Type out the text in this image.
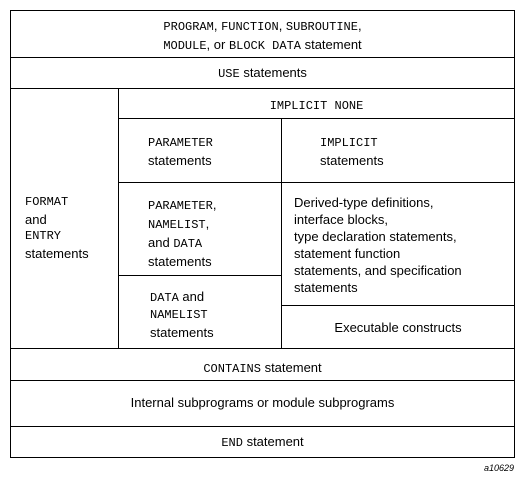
PROGRAM, FUNCTION, SUBROUTINE,
MODULE, or BLOCK DATA statement
USE statements
FORMAT
and
ENTRY
statements
IMPLICIT NONE
PARAMETER
statements
IMPLICIT
statements
PARAMETER,
NAMELIST,
and DATA
statements
Derived-type definitions,
interface blocks,
type declaration statements,
statement function
statements, and specification
statements
DATA and
NAMELIST
statements	Executable constructs
CONTAINS statement
Internal subprograms or module subprograms
END statement
a10629
